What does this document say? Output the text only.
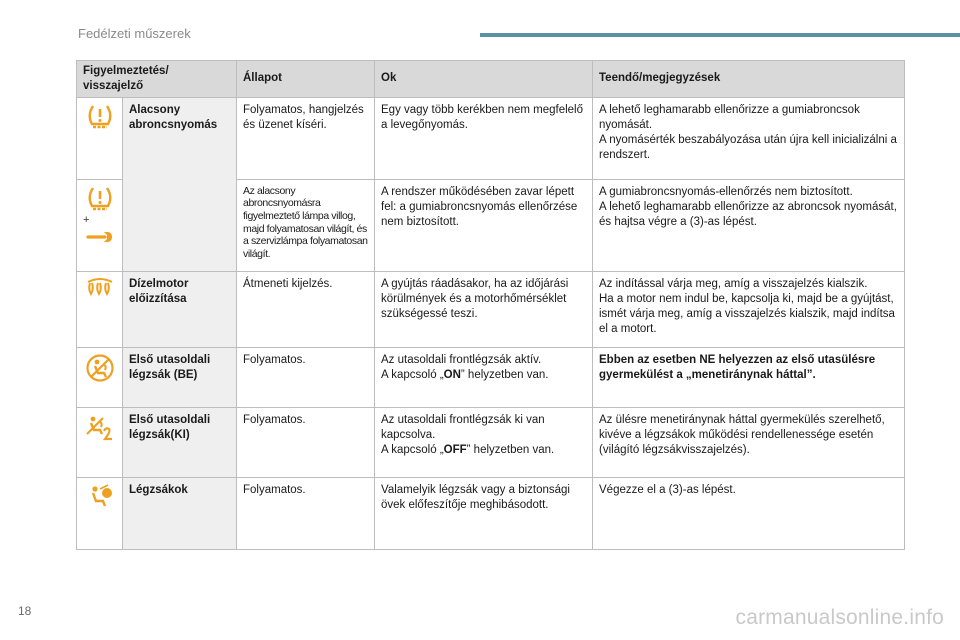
Fedélzeti műszerek
Figyelmeztetés/
visszajelző		Állapot	Ok	Teendő/megjegyzések

	Alacsony abroncsnyomás	Folyamatos, hangjelzés és üzenet kíséri.	Egy vagy több kerékben nem megfelelő a levegőnyomás.	A lehető leghamarabb ellenőrizze a gumiabroncsok nyomását.
A nyomásérték beszabályozása után újra kell inicializálni a rendszert.

+		Az alacsony abroncsnyomásra figyelmeztető lámpa villog, majd folyamatosan világít, és a szervizlámpa folyamatosan világít.	A rendszer működésében zavar lépett fel: a gumiabroncsnyomás ellenőrzése nem biztosított.	A gumiabroncsnyomás-ellenőrzés nem biztosított.
A lehető leghamarabb ellenőrizze az abroncsok nyomását, és hajtsa végre a (3)-as lépést.

	Dízelmotor előizzítása	Átmeneti kijelzés.	A gyújtás ráadásakor, ha az időjárási körülmények és a motorhőmérséklet szükségessé teszi.	Az indítással várja meg, amíg a visszajelzés kialszik.
Ha a motor nem indul be, kapcsolja ki, majd be a gyújtást, ismét várja meg, amíg a visszajelzés kialszik, majd indítsa el a motort.

	Első utasoldali légzsák (BE)	Folyamatos.	Az utasoldali frontlégzsák aktív.
A kapcsoló „ON” helyzetben van.	Ebben az esetben NE helyezzen az első utasülésre gyermekülést a „menetiránynak háttal”.

	Első utasoldali légzsák(KI)	Folyamatos.	Az utasoldali frontlégzsák ki van kapcsolva.
A kapcsoló „OFF” helyzetben van.	Az ülésre menetiránynak háttal gyermekülés szerelhető, kivéve a légzsákok működési rendellenessége esetén (világító légzsákvisszajelzés).

	Légzsákok	Folyamatos.	Valamelyik légzsák vagy a biztonsági övek előfeszítője meghibásodott.	Végezze el a (3)-as lépést.
18	carmanualsonline.info
